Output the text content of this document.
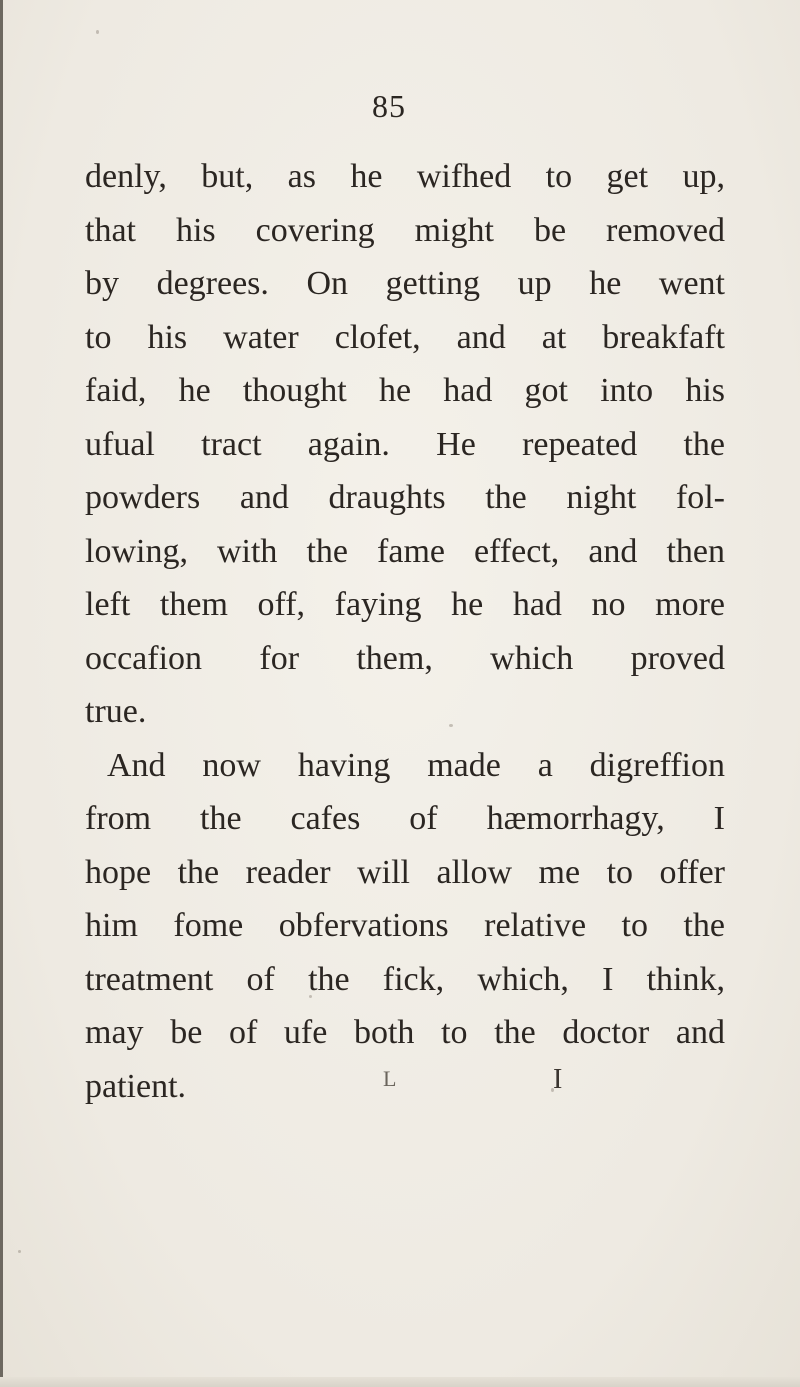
85
denly, but, as he wifhed to get up,
that his covering might be removed
by degrees. On getting up he went
to his water clofet, and at breakfaft
faid, he thought he had got into his
ufual tract again. He repeated the
powders and draughts the night fol-
lowing, with the fame effect, and then
left them off, faying he had no more
occafion for them, which proved
true.
And now having made a digreffion
from the cafes of hæmorrhagy, I
hope the reader will allow me to offer
him fome obfervations relative to the
treatment of the fick, which, I think,
may be of ufe both to the doctor and
patient.	L	I
